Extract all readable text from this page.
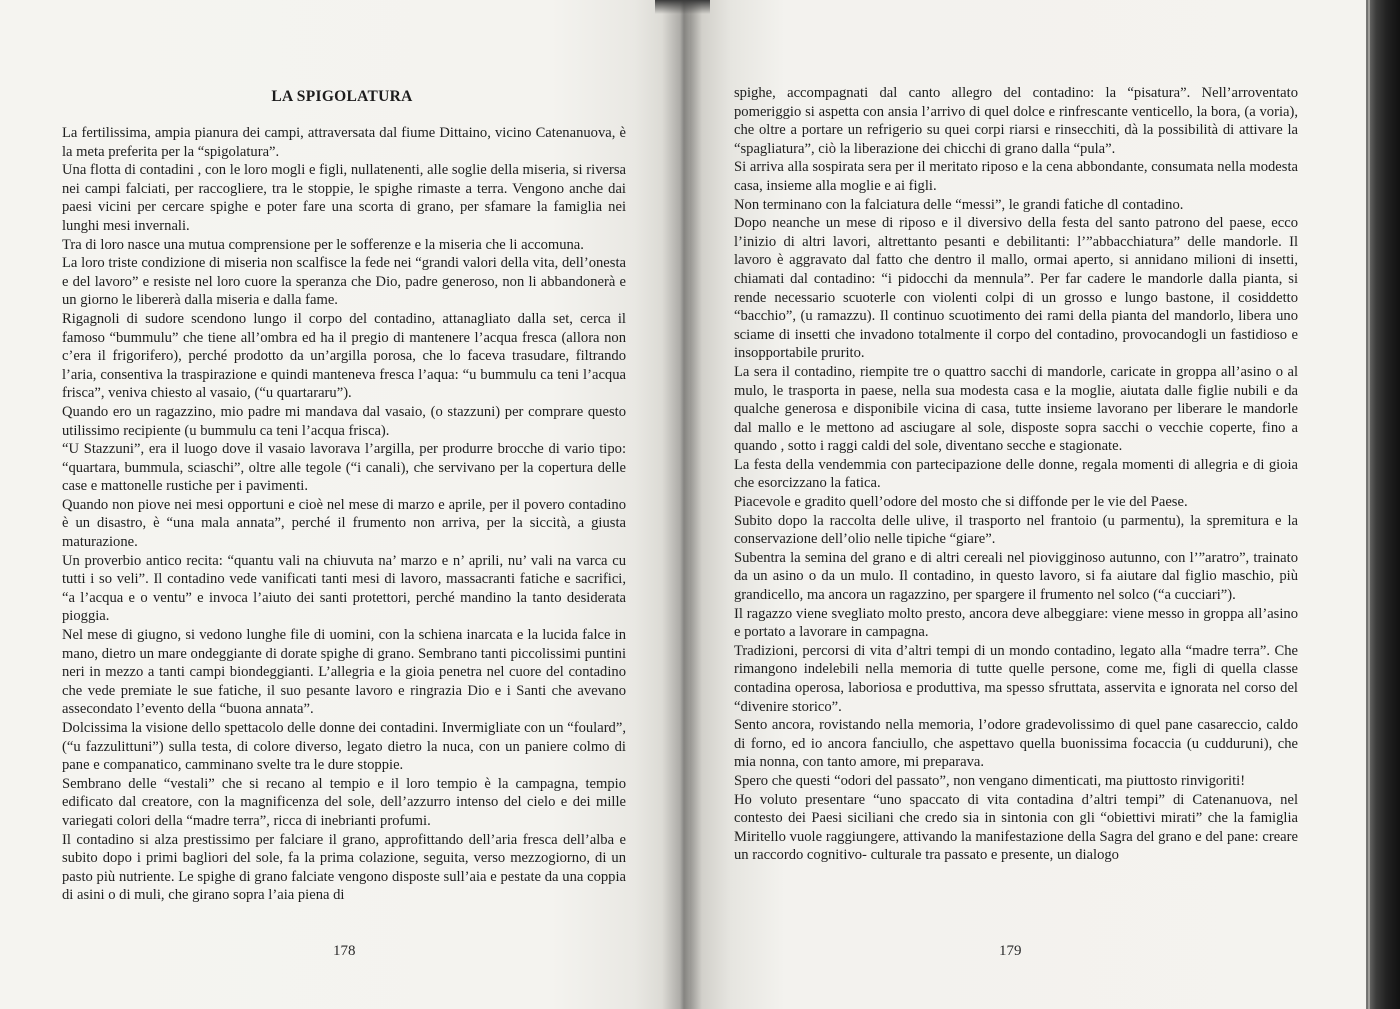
LA SPIGOLATURA

La fertilissima, ampia pianura dei campi, attraversata dal fiume Dittaino, vicino Catenanuova, è la meta preferita per la “spigolatura”.

Una flotta di contadini , con le loro mogli e figli, nullatenenti, alle soglie della miseria, si riversa nei campi falciati, per raccogliere, tra le stoppie, le spighe rimaste a terra. Vengono anche dai paesi vicini per cercare spighe e poter fare una scorta di grano, per sfamare la famiglia nei lunghi mesi invernali.

Tra di loro nasce una mutua comprensione per le sofferenze e la miseria che li accomuna.

La loro triste condizione di miseria non scalfisce la fede nei “grandi valori della vita, dell’onesta e del lavoro” e resiste nel loro cuore la speranza che Dio, padre generoso, non li abbandonerà e un giorno le libererà dalla miseria e dalla fame.

Rigagnoli di sudore scendono lungo il corpo del contadino, attanagliato dalla set, cerca il famoso “bummulu” che tiene all’ombra ed ha il pregio di mantenere l’acqua fresca (allora non c’era il frigorifero), perché prodotto da un’argilla porosa, che lo faceva trasudare, filtrando l’aria, consentiva la traspirazione e quindi manteneva fresca l’aqua: “u bummulu ca teni l’acqua frisca”, veniva chiesto al vasaio, (“u quartararu”).

Quando ero un ragazzino, mio padre mi mandava dal vasaio, (o stazzuni) per comprare questo utilissimo recipiente (u bummulu ca teni l’acqua frisca).

“U Stazzuni”, era il luogo dove il vasaio lavorava l’argilla, per produrre brocche di vario tipo: “quartara, bummula, sciaschi”, oltre alle tegole (“i canali), che servivano per la copertura delle case e mattonelle rustiche per i pavimenti.

Quando non piove nei mesi opportuni e cioè nel mese di marzo e aprile, per il povero contadino è un disastro, è “una mala annata”, perché il frumento non arriva, per la siccità, a giusta maturazione.

Un proverbio antico recita: “quantu vali na chiuvuta na’ marzo e n’ aprili, nu’ vali na varca cu tutti i so veli”. Il contadino vede vanificati tanti mesi di lavoro, massacranti fatiche e sacrifici, “a l’acqua e o ventu” e invoca l’aiuto dei santi protettori, perché mandino la tanto desiderata pioggia.

Nel mese di giugno, si vedono lunghe file di uomini, con la schiena inarcata e la lucida falce in mano, dietro un mare ondeggiante di dorate spighe di grano. Sembrano tanti piccolissimi puntini neri in mezzo a tanti campi biondeggianti. L’allegria e la gioia penetra nel cuore del contadino che vede premiate le sue fatiche, il suo pesante lavoro e ringrazia Dio e i Santi che avevano assecondato l’evento della “buona annata”.

Dolcissima la visione dello spettacolo delle donne dei contadini. Invermigliate con un “foulard”, (“u fazzulittuni”) sulla testa, di colore diverso, legato dietro la nuca, con un paniere colmo di pane e companatico, camminano svelte tra le dure stoppie.

Sembrano delle “vestali” che si recano al tempio e il loro tempio è la campagna, tempio edificato dal creatore, con la magnificenza del sole, dell’azzurro intenso del cielo e dei mille variegati colori della “madre terra”, ricca di inebrianti profumi.

Il contadino si alza prestissimo per falciare il grano, approfittando dell’aria fresca dell’alba e subito dopo i primi bagliori del sole, fa la prima colazione, seguita, verso mezzogiorno, di un pasto più nutriente. Le spighe di grano falciate vengono disposte sull’aia e pestate da una coppia di asini o di muli, che girano sopra l’aia piena di

spighe, accompagnati dal canto allegro del contadino: la “pisatura”. Nell’arroventato pomeriggio si aspetta con ansia l’arrivo di quel dolce e rinfrescante venticello, la bora, (a voria), che oltre a portare un refrigerio su quei corpi riarsi e rinsecchiti, dà la possibilità di attivare la “spagliatura”, ciò la liberazione dei chicchi di grano dalla “pula”.

Si arriva alla sospirata sera per il meritato riposo e la cena abbondante, consumata nella modesta casa, insieme alla moglie e ai figli.

Non terminano con la falciatura delle “messi”, le grandi fatiche dl contadino.

Dopo neanche un mese di riposo e il diversivo della festa del santo patrono del paese, ecco l’inizio di altri lavori, altrettanto pesanti e debilitanti: l’”abbacchiatura” delle mandorle. Il lavoro è aggravato dal fatto che dentro il mallo, ormai aperto, si annidano milioni di insetti, chiamati dal contadino: “i pidocchi da mennula”. Per far cadere le mandorle dalla pianta, si rende necessario scuoterle con violenti colpi di un grosso e lungo bastone, il cosiddetto “bacchio”, (u ramazzu). Il continuo scuotimento dei rami della pianta del mandorlo, libera uno sciame di insetti che invadono totalmente il corpo del contadino, provocandogli un fastidioso e insopportabile prurito.

La sera il contadino, riempite tre o quattro sacchi di mandorle, caricate in groppa all’asino o al mulo, le trasporta in paese, nella sua modesta casa e la moglie, aiutata dalle figlie nubili e da qualche generosa e disponibile vicina di casa, tutte insieme lavorano per liberare le mandorle dal mallo e le mettono ad asciugare al sole, disposte sopra sacchi o vecchie coperte, fino a quando , sotto i raggi caldi del sole, diventano secche e stagionate.

La festa della vendemmia con partecipazione delle donne, regala momenti di allegria e di gioia che esorcizzano la fatica.

Piacevole e gradito quell’odore del mosto che si diffonde per le vie del Paese.

Subito dopo la raccolta delle ulive, il trasporto nel frantoio (u parmentu), la spremitura e la conservazione dell’olio nelle tipiche “giare”.

Subentra la semina del grano e di altri cereali nel piovigginoso autunno, con l’”aratro”, trainato da un asino o da un mulo. Il contadino, in questo lavoro, si fa aiutare dal figlio maschio, più grandicello, ma ancora un ragazzino, per spargere il frumento nel solco (“a cucciari”).

Il ragazzo viene svegliato molto presto, ancora deve albeggiare: viene messo in groppa all’asino e portato a lavorare in campagna.

Tradizioni, percorsi di vita d’altri tempi di un mondo contadino, legato alla “madre terra”. Che rimangono indelebili nella memoria di tutte quelle persone, come me, figli di quella classe contadina operosa, laboriosa e produttiva, ma spesso sfruttata, asservita e ignorata nel corso del “divenire storico”.

Sento ancora, rovistando nella memoria, l’odore gradevolissimo di quel pane casareccio, caldo di forno, ed io ancora fanciullo, che aspettavo quella buonissima focaccia (u cudduruni), che mia nonna, con tanto amore, mi preparava.

Spero che questi “odori del passato”, non vengano dimenticati, ma piuttosto rinvigoriti!

Ho voluto presentare “uno spaccato di vita contadina d’altri tempi” di Catenanuova, nel contesto dei Paesi siciliani che credo sia in sintonia con gli “obiettivi mirati” che la famiglia Miritello vuole raggiungere, attivando la manifestazione della Sagra del grano e del pane: creare un raccordo cognitivo- culturale tra passato e presente, un dialogo

178	179
